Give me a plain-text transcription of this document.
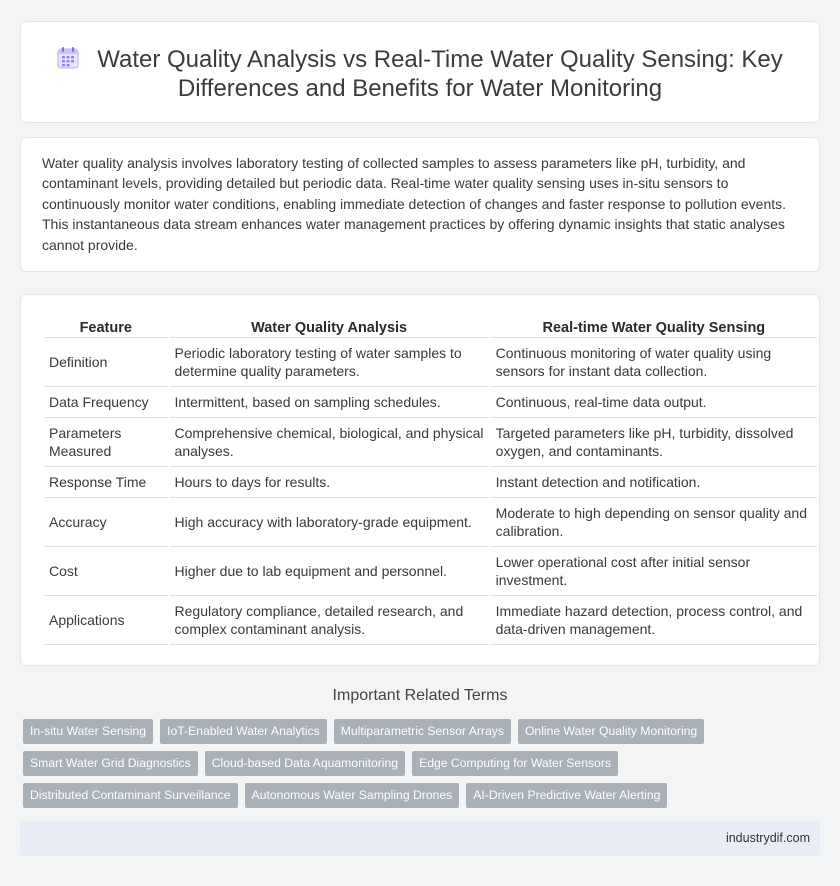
Water Quality Analysis vs Real-Time Water Quality Sensing: Key
Differences and Benefits for Water Monitoring

Water quality analysis involves laboratory testing of collected samples to assess parameters like pH, turbidity, and contaminant levels, providing detailed but periodic data. Real-time water quality sensing uses in-situ sensors to continuously monitor water conditions, enabling immediate detection of changes and faster response to pollution events. This instantaneous data stream enhances water management practices by offering dynamic insights that static analyses cannot provide.

Feature	Water Quality Analysis	Real-time Water Quality Sensing
Definition	Periodic laboratory testing of water samples to determine quality parameters.	Continuous monitoring of water quality using sensors for instant data collection.
Data Frequency	Intermittent, based on sampling schedules.	Continuous, real-time data output.
Parameters Measured	Comprehensive chemical, biological, and physical analyses.	Targeted parameters like pH, turbidity, dissolved oxygen, and contaminants.
Response Time	Hours to days for results.	Instant detection and notification.
Accuracy	High accuracy with laboratory-grade equipment.	Moderate to high depending on sensor quality and calibration.
Cost	Higher due to lab equipment and personnel.	Lower operational cost after initial sensor investment.
Applications	Regulatory compliance, detailed research, and complex contaminant analysis.	Immediate hazard detection, process control, and data-driven management.
Important Related Terms
In-situ Water Sensing	IoT-Enabled Water Analytics	Multiparametric Sensor Arrays	Online Water Quality Monitoring
Smart Water Grid Diagnostics	Cloud-based Data Aquamonitoring	Edge Computing for Water Sensors
Distributed Contaminant Surveillance	Autonomous Water Sampling Drones	AI-Driven Predictive Water Alerting
industrydif.com
